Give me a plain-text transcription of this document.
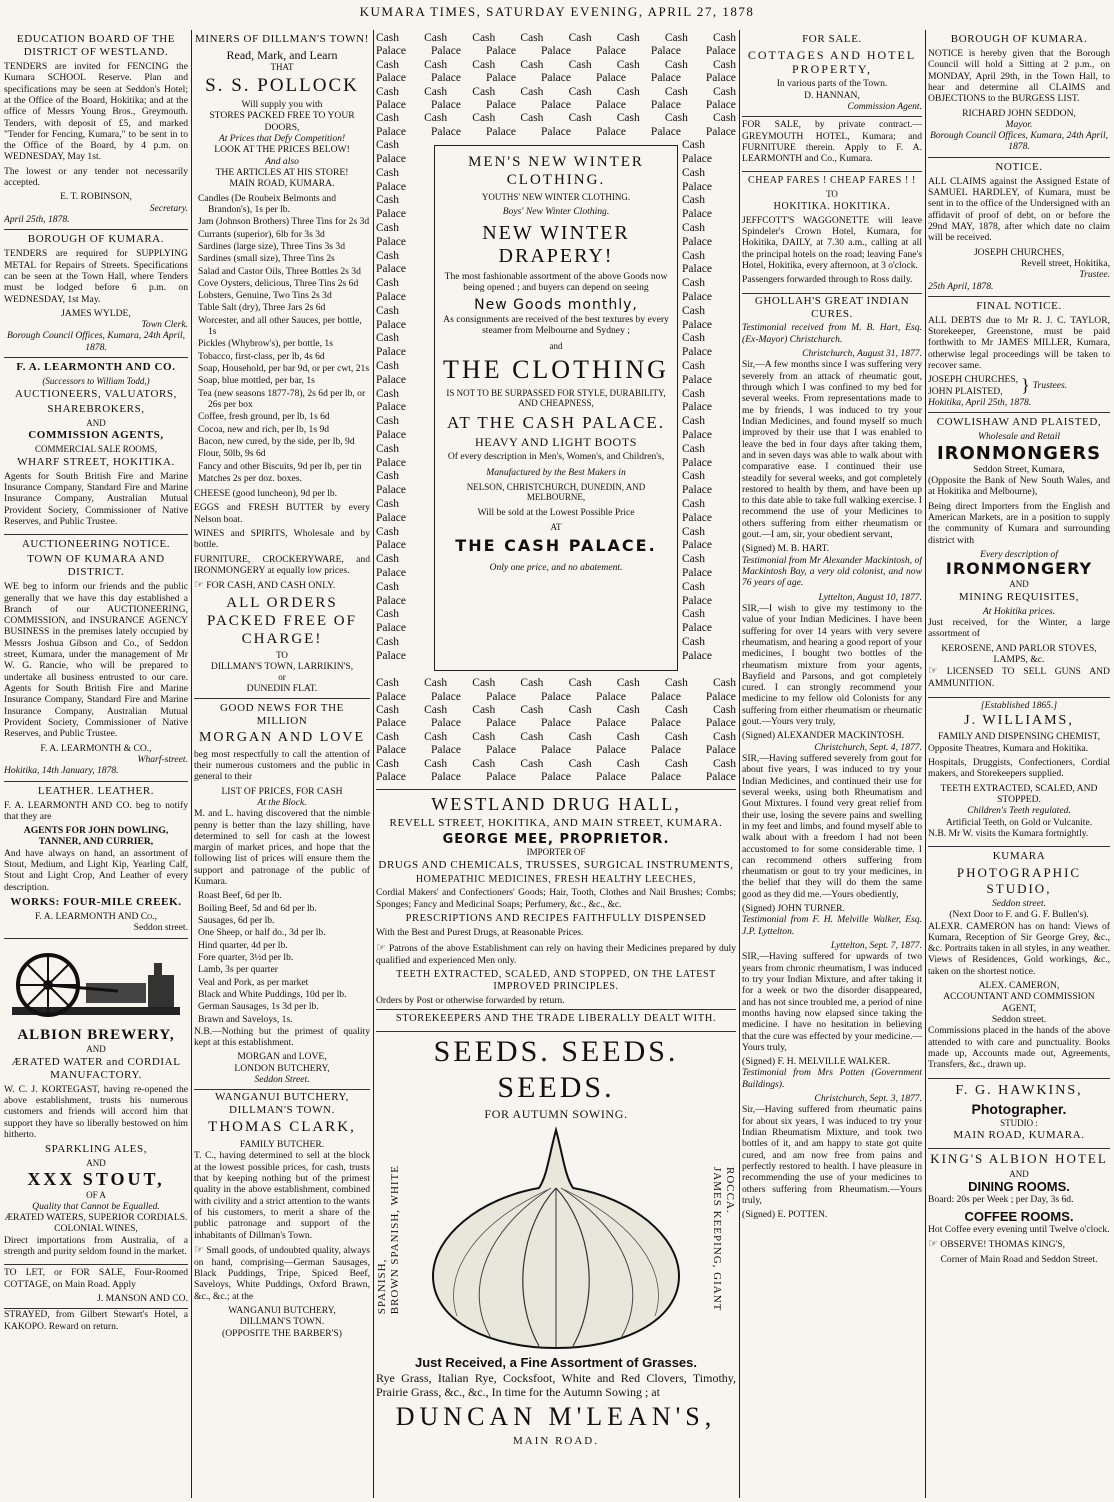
KUMARA TIMES, SATURDAY EVENING, APRIL 27, 1878
EDUCATION BOARD OF THE DISTRICT OF WESTLAND.

TENDERS are invited for FENCING the Kumara SCHOOL Reserve. Plan and specifications may be seen at Seddon's Hotel; at the Office of the Board, Hokitika; and at the office of Messrs Young Bros., Greymouth. Tenders, with deposit of £5, and marked "Tender for Fencing, Kumara," to be sent in to the Office of the Board, by 4 p.m. on WEDNESDAY, May 1st.

The lowest or any tender not necessarily accepted.

E. T. ROBINSON,
Secretary.
April 25th, 1878.
BOROUGH OF KUMARA.

TENDERS are required for SUPPLYING METAL for Repairs of Streets. Specifications can be seen at the Town Hall, where Tenders must be lodged before 6 p.m. on WEDNESDAY, 1st May.

JAMES WYLDE,
Town Clerk.
Borough Council Offices, Kumara, 24th April, 1878.
F. A. LEARMONTH AND CO.
(Successors to William Todd,)
AUCTIONEERS, VALUATORS,
SHAREBROKERS,
AND
COMMISSION AGENTS,
COMMERCIAL SALE ROOMS,
WHARF STREET, HOKITIKA.

Agents for South British Fire and Marine Insurance Company, Standard Fire and Marine Insurance Company, Australian Mutual Provident Society, Commissioner of Native Reserves, and Public Trustee.

AUCTIONEERING NOTICE.
TOWN OF KUMARA AND DISTRICT.

WE beg to inform our friends and the public generally that we have this day established a Branch of our AUCTIONEERING, COMMISSION, and INSURANCE AGENCY BUSINESS in the premises lately occupied by Messrs Joshua Gibson and Co., of Seddon street, Kumara, under the management of Mr W. G. Rancie, who will be prepared to undertake all business entrusted to our care. Agents for South British Fire and Marine Insurance Company, Standard Fire and Marine Insurance Company, Australian Mutual Provident Society, Commissioner of Native Reserves, and Public Trustee.

F. A. LEARMONTH & CO.,
Wharf-street.
Hokitika, 14th January, 1878.
LEATHER. LEATHER.

F. A. LEARMONTH AND CO. beg to notify that they are

AGENTS FOR JOHN DOWLING, TANNER, AND CURRIER,

And have always on hand, an assortment of Stout, Medium, and Light Kip, Yearling Calf, Stout and Light Crop, And Leather of every description.

WORKS: FOUR-MILE CREEK.
F. A. LEARMONTH AND Co.,
Seddon street.
ALBION BREWERY,
AND
ÆRATED WATER and CORDIAL MANUFACTORY.

W. C. J. KORTEGAST, having re-opened the above establishment, trusts his numerous customers and friends will accord him that support they have so liberally bestowed on him hitherto.

SPARKLING ALES,
AND
XXX STOUT,
OF A
Quality that Cannot be Equalled.
ÆRATED WATERS, SUPERIOR CORDIALS.
COLONIAL WINES,

Direct importations from Australia, of a strength and purity seldom found in the market.

TO LET, or FOR SALE, Four-Roomed COTTAGE, on Main Road. Apply

J. MANSON AND CO.

STRAYED, from Gilbert Stewart's Hotel, a KAKOPO. Reward on return.

MINERS OF DILLMAN'S TOWN!
Read, Mark, and Learn
THAT
S. S. POLLOCK
Will supply you with
STORES PACKED FREE TO YOUR DOORS,
At Prices that Defy Competition!
LOOK AT THE PRICES BELOW!
And also
THE ARTICLES AT HIS STORE!
MAIN ROAD, KUMARA.
Candles (De Roubeix Belmonts and Brandon's), 1s per lb.
Jam (Johnson Brothers) Three Tins for 2s 3d
Currants (superior), 6lb for 3s 3d
Sardines (large size), Three Tins 3s 3d
Sardines (small size), Three Tins 2s
Salad and Castor Oils, Three Bottles 2s 3d
Cove Oysters, delicious, Three Tins 2s 6d
Lobsters, Genuine, Two Tins 2s 3d
Table Salt (dry), Three Jars 2s 6d
Worcester, and all other Sauces, per bottle, 1s
Pickles (Whybrow's), per bottle, 1s
Tobacco, first-class, per lb, 4s 6d
Soap, Household, per bar 9d, or per cwt, 21s
Soap, blue mottled, per bar, 1s
Tea (new seasons 1877-78), 2s 6d per lb, or 26s per box
Coffee, fresh ground, per lb, 1s 6d
Cocoa, new and rich, per lb, 1s 9d
Bacon, new cured, by the side, per lb, 9d
Flour, 50lb, 9s 6d
Fancy and other Biscuits, 9d per lb, per tin
Matches 2s per doz. boxes.

CHEESE (good luncheon), 9d per lb.

EGGS and FRESH BUTTER by every Nelson boat.

WINES and SPIRITS, Wholesale and by bottle.

FURNITURE, CROCKERYWARE, and IRONMONGERY at equally low prices.

☞ FOR CASH, AND CASH ONLY.

ALL ORDERS PACKED FREE OF CHARGE!
TO
DILLMAN'S TOWN, LARRIKIN'S,
or
DUNEDIN FLAT.
GOOD NEWS FOR THE MILLION
MORGAN AND LOVE

beg most respectfully to call the attention of their numerous customers and the public in general to their

LIST OF PRICES, FOR CASH
At the Block.

M. and L. having discovered that the nimble penny is better than the lazy shilling, have determined to sell for cash at the lowest margin of market prices, and hope that the following list of prices will ensure them the support and patronage of the public of Kumara.

Roast Beef, 6d per lb.
Boiling Beef, 5d and 6d per lb.
Sausages, 6d per lb.
One Sheep, or half do., 3d per lb.
Hind quarter, 4d per lb.
Fore quarter, 3½d per lb.
Lamb, 3s per quarter
Veal and Pork, as per market
Black and White Puddings, 10d per lb.
German Sausages, 1s 3d per lb.
Brawn and Saveloys, 1s.

N.B.—Nothing but the primest of quality kept at this establishment.

MORGAN and LOVE,
LONDON BUTCHERY,
Seddon Street.
WANGANUI BUTCHERY, DILLMAN'S TOWN.
THOMAS CLARK,
FAMILY BUTCHER.

T. C., having determined to sell at the block at the lowest possible prices, for cash, trusts that by keeping nothing but of the primest quality in the above establishment, combined with civility and a strict attention to the wants of his customers, to merit a share of the public patronage and support of the inhabitants of Dillman's Town.

☞ Small goods, of undoubted quality, always on hand, comprising—German Sausages, Black Puddings, Tripe, Spiced Beef, Saveloys, White Puddings, Oxford Brawn, &c., &c.; at the

WANGANUI BUTCHERY,
DILLMAN'S TOWN.
(OPPOSITE THE BARBER'S)
Cash Cash Cash Cash Cash Cash Cash Cash
Palace Palace Palace Palace Palace Palace Palace
Cash Cash Cash Cash Cash Cash Cash Cash
Palace Palace Palace Palace Palace Palace Palace
Cash Cash Cash Cash Cash Cash Cash Cash
Palace Palace Palace Palace Palace Palace Palace
Cash Cash Cash Cash Cash Cash Cash Cash
Palace Palace Palace Palace Palace Palace Palace
Cash
Palace
Cash
Palace
Cash
Palace
Cash
Palace
Cash
Palace
Cash
Palace
Cash
Palace
Cash
Palace
Cash
Palace
Cash
Palace
Cash
Palace
Cash
Palace
Cash
Palace
Cash
Palace
Cash
Palace
Cash
Palace
Cash
Palace
Cash
Palace
Cash
Palace
MEN'S NEW WINTER CLOTHING.

YOUTHS' NEW WINTER CLOTHING.

Boys' New Winter Clothing.

NEW WINTER DRAPERY!

The most fashionable assortment of the above Goods now being opened ; and buyers can depend on seeing

New Goods monthly,

As consignments are received of the best textures by every steamer from Melbourne and Sydney ;

and

THE CLOTHING

IS NOT TO BE SURPASSED FOR STYLE, DURABILITY, AND CHEAPNESS,

AT THE CASH PALACE.
HEAVY AND LIGHT BOOTS

Of every description in Men's, Women's, and Children's,

Manufactured by the Best Makers in

NELSON, CHRISTCHURCH, DUNEDIN, AND MELBOURNE,

Will be sold at the Lowest Possible Price

AT

THE CASH PALACE.

Only one price, and no abatement.

Cash
Palace
Cash
Palace
Cash
Palace
Cash
Palace
Cash
Palace
Cash
Palace
Cash
Palace
Cash
Palace
Cash
Palace
Cash
Palace
Cash
Palace
Cash
Palace
Cash
Palace
Cash
Palace
Cash
Palace
Cash
Palace
Cash
Palace
Cash
Palace
Cash
Palace
Cash Cash Cash Cash Cash Cash Cash Cash
Palace Palace Palace Palace Palace Palace Palace
Cash Cash Cash Cash Cash Cash Cash Cash
Palace Palace Palace Palace Palace Palace Palace
Cash Cash Cash Cash Cash Cash Cash Cash
Palace Palace Palace Palace Palace Palace Palace
Cash Cash Cash Cash Cash Cash Cash Cash
Palace Palace Palace Palace Palace Palace Palace
WESTLAND DRUG HALL,
REVELL STREET, HOKITIKA, AND MAIN STREET, KUMARA.
GEORGE MEE, PROPRIETOR.
IMPORTER OF
DRUGS AND CHEMICALS, TRUSSES, SURGICAL INSTRUMENTS,
HOMEPATHIC MEDICINES, FRESH HEALTHY LEECHES,

Cordial Makers' and Confectioners' Goods; Hair, Tooth, Clothes and Nail Brushes; Combs; Sponges; Fancy and Medicinal Soaps; Perfumery, &c., &c., &c.

PRESCRIPTIONS AND RECIPES FAITHFULLY DISPENSED

With the Best and Purest Drugs, at Reasonable Prices.

☞ Patrons of the above Establishment can rely on having their Medicines prepared by duly qualified and experienced Men only.

TEETH EXTRACTED, SCALED, AND STOPPED, ON THE LATEST IMPROVED PRINCIPLES.

Orders by Post or otherwise forwarded by return.

STOREKEEPERS AND THE TRADE LIBERALLY DEALT WITH.
SEEDS. SEEDS. SEEDS.
FOR AUTUMN SOWING.
BROWN SPANISH, WHITE
SPANISH,	JAMES KEEPING, GIANT ROCCA.
Just Received, a Fine Assortment of Grasses.

Rye Grass, Italian Rye, Cocksfoot, White and Red Clovers, Timothy, Prairie Grass, &c., &c., In time for the Autumn Sowing ; at

DUNCAN M'LEAN'S,
MAIN ROAD.
FOR SALE.
COTTAGES AND HOTEL PROPERTY,
In various parts of the Town.
D. HANNAN,
Commission Agent.

FOR SALE, by private contract.—GREYMOUTH HOTEL, Kumara; and FURNITURE therein. Apply to F. A. LEARMONTH and Co., Kumara.

CHEAP FARES ! CHEAP FARES ! !
TO
HOKITIKA. HOKITIKA.

JEFFCOTT'S WAGGONETTE will leave Spindeler's Crown Hotel, Kumara, for Hokitika, DAILY, at 7.30 a.m., calling at all the principal hotels on the road; leaving Fane's Hotel, Hokitika, every afternoon, at 3 o'clock.

Passengers forwarded through to Ross daily.

GHOLLAH'S GREAT INDIAN CURES.

Testimonial received from M. B. Hart, Esq. (Ex-Mayor) Christchurch.

Christchurch, August 31, 1877.

Sir,—A few months since I was suffering very severely from an attack of rheumatic gout, through which I was confined to my bed for several weeks. From representations made to me by friends, I was induced to try your Indian Medicines, and found myself so much improved by their use that I was enabled to leave the bed in four days after taking them, and in seven days was able to walk about with comparative ease. I continued their use steadily for several weeks, and got completely restored to health by them, and have been up to this date able to take full walking exercise. I recommend the use of your Medicines to others suffering from either rheumatism or gout.—I am, sir, your obedient servant,

(Signed) M. B. HART.

Testimonial from Mr Alexander Mackintosh, of Mackintosh Bay, a very old colonist, and now 76 years of age.

Lyttelton, August 10, 1877.

SIR,—I wish to give my testimony to the value of your Indian Medicines. I have been suffering for over 14 years with very severe rheumatism, and hearing a good report of your medicines, I bought two bottles of the rheumatism mixture from your agents, Bayfield and Parsons, and got completely cured. I can strongly recommend your medicine to my fellow old Colonists for any suffering from either rheumatism or rheumatic gout.—Yours very truly,

(Signed) ALEXANDER MACKINTOSH.
Christchurch, Sept. 4, 1877.

SIR,—Having suffered severely from gout for about five years, I was induced to try your Indian Medicines, and continued their use for several weeks, using both Rheumatism and Gout Mixtures. I found very great relief from their use, losing the severe pains and swelling in my feet and limbs, and found myself able to walk about with a freedom I had not been accustomed to for some considerable time. I can recommend others suffering from rheumatism or gout to try your medicines, in the belief that they will do them the same good as they did me.—Yours obediently,

(Signed) JOHN TURNER.

Testimonial from F. H. Melville Walker, Esq. J.P. Lyttelton.

Lyttelton, Sept. 7, 1877.

SIR,—Having suffered for upwards of two years from chronic rheumatism, I was induced to try your Indian Mixture, and after taking it for a week or two the disorder disappeared, and has not since troubled me, a period of nine months having now elapsed since taking the medicine. I have no hesitation in believing that the cure was effected by your medicine.—Yours truly,

(Signed) F. H. MELVILLE WALKER.

Testimonial from Mrs Potten (Government Buildings).

Christchurch, Sept. 3, 1877.

Sir,—Having suffered from rheumatic pains for about six years, I was induced to try your Indian Rheumatism Mixture, and took two bottles of it, and am happy to state got quite cured, and am now free from pains and perfectly restored to health. I have pleasure in recommending the use of your medicines to others suffering from Rheumatism.—Yours truly,

(Signed) E. POTTEN.
BOROUGH OF KUMARA.

NOTICE is hereby given that the Borough Council will hold a Sitting at 2 p.m., on MONDAY, April 29th, in the Town Hall, to hear and determine all CLAIMS and OBJECTIONS to the BURGESS LIST.

RICHARD JOHN SEDDON,
Mayor.
Borough Council Offices, Kumara, 24th April, 1878.
NOTICE.

ALL CLAIMS against the Assigned Estate of SAMUEL HARDLEY, of Kumara, must be sent in to the office of the Undersigned with an affidavit of proof of debt, on or before the 29nd MAY, 1878, after which date no claim will be received.

JOSEPH CHURCHES,
Revell street, Hokitika,
Trustee.
25th April, 1878.
FINAL NOTICE.

ALL DEBTS due to Mr R. J. C. TAYLOR, Storekeeper, Greenstone, must be paid forthwith to Mr JAMES MILLER, Kumara, otherwise legal proceedings will be taken to recover same.

JOSEPH CHURCHES,
JOHN PLAISTED,	} Trustees.
Hokitika, April 25th, 1878.
COWLISHAW AND PLAISTED,
Wholesale and Retail
IRONMONGERS
Seddon Street, Kumara,

(Opposite the Bank of New South Wales, and at Hokitika and Melbourne),

Being direct Importers from the English and American Markets, are in a position to supply the community of Kumara and surrounding district with

Every description of
IRONMONGERY
AND
MINING REQUISITES,
At Hokitika prices.

Just received, for the Winter, a large assortment of

KEROSENE, AND PARLOR STOVES, LAMPS, &c.

☞ LICENSED TO SELL GUNS AND AMMUNITION.

[Established 1865.]
J. WILLIAMS,
FAMILY AND DISPENSING CHEMIST,

Opposite Theatres, Kumara and Hokitika.

Hospitals, Druggists, Confectioners, Cordial makers, and Storekeepers supplied.

TEETH EXTRACTED, SCALED, AND STOPPED.
Children's Teeth regulated.
Artificial Teeth, on Gold or Vulcanite.

N.B. Mr W. visits the Kumara fortnightly.

KUMARA
PHOTOGRAPHIC STUDIO,
Seddon street.
(Next Door to F. and G. F. Bullen's).

ALEXR. CAMERON has on hand: Views of Kumara, Reception of Sir George Grey, &c., &c. Portraits taken in all styles, in any weather. Views of Residences, Gold workings, &c., taken on the shortest notice.

ALEX. CAMERON,
ACCOUNTANT AND COMMISSION AGENT,
Seddon street.

Commissions placed in the hands of the above attended to with care and punctuality. Books made up, Accounts made out, Agreements, Transfers, &c., drawn up.

F. G. HAWKINS,
Photographer.
STUDIO :
MAIN ROAD, KUMARA.
KING'S ALBION HOTEL
AND
DINING ROOMS.

Board: 20s per Week ; per Day, 3s 6d.

COFFEE ROOMS.

Hot Coffee every evening until Twelve o'clock.

☞ OBSERVE! THOMAS KING'S,

Corner of Main Road and Seddon Street.
